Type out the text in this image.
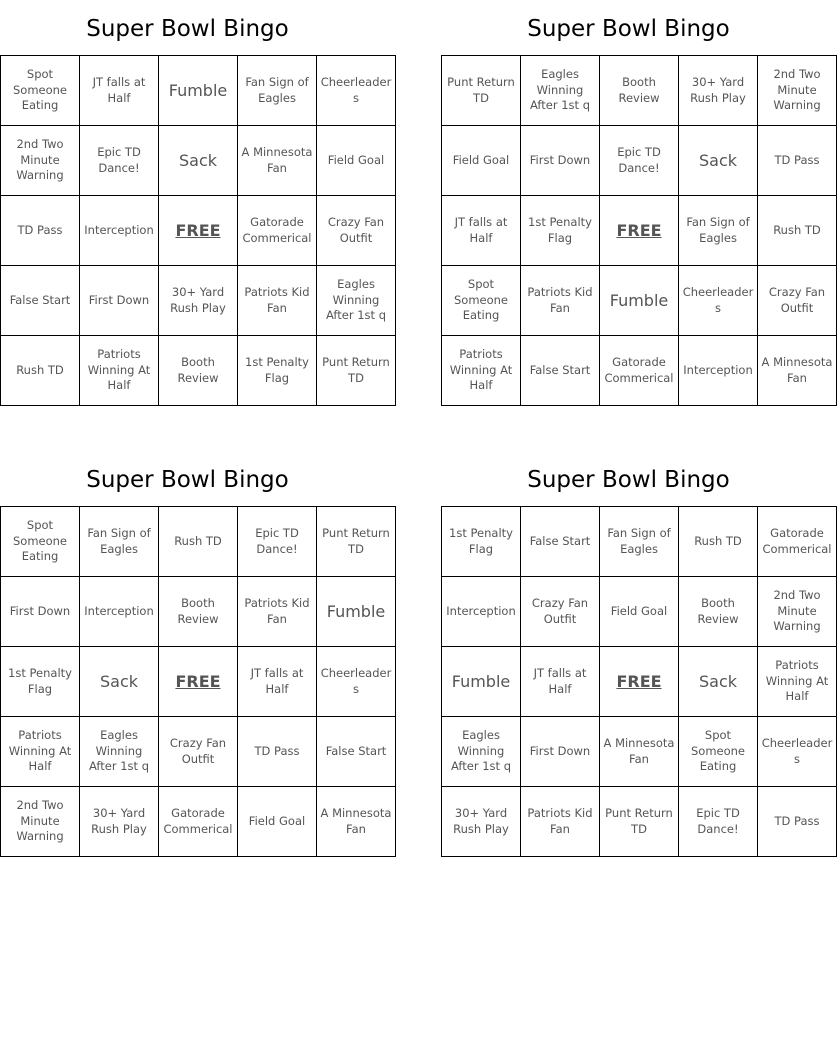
Super Bowl Bingo
Spot Someone Eating	JT falls at Half	Fumble	Fan Sign of Eagles	Cheerleaders
2nd Two Minute Warning	Epic TD Dance!	Sack	A Minnesota Fan	Field Goal
TD Pass	Interception	FREE	Gatorade Commerical	Crazy Fan Outfit
False Start	First Down	30+ Yard Rush Play	Patriots Kid Fan	Eagles Winning After 1st q
Rush TD	Patriots Winning At Half	Booth Review	1st Penalty Flag	Punt Return TD
Super Bowl Bingo
Punt Return TD	Eagles Winning After 1st q	Booth Review	30+ Yard Rush Play	2nd Two Minute Warning
Field Goal	First Down	Epic TD Dance!	Sack	TD Pass
JT falls at Half	1st Penalty Flag	FREE	Fan Sign of Eagles	Rush TD
Spot Someone Eating	Patriots Kid Fan	Fumble	Cheerleaders	Crazy Fan Outfit
Patriots Winning At Half	False Start	Gatorade Commerical	Interception	A Minnesota Fan
Super Bowl Bingo
Spot Someone Eating	Fan Sign of Eagles	Rush TD	Epic TD Dance!	Punt Return TD
First Down	Interception	Booth Review	Patriots Kid Fan	Fumble
1st Penalty Flag	Sack	FREE	JT falls at Half	Cheerleaders
Patriots Winning At Half	Eagles Winning After 1st q	Crazy Fan Outfit	TD Pass	False Start
2nd Two Minute Warning	30+ Yard Rush Play	Gatorade Commerical	Field Goal	A Minnesota Fan
Super Bowl Bingo
1st Penalty Flag	False Start	Fan Sign of Eagles	Rush TD	Gatorade Commerical
Interception	Crazy Fan Outfit	Field Goal	Booth Review	2nd Two Minute Warning
Fumble	JT falls at Half	FREE	Sack	Patriots Winning At Half
Eagles Winning After 1st q	First Down	A Minnesota Fan	Spot Someone Eating	Cheerleaders
30+ Yard Rush Play	Patriots Kid Fan	Punt Return TD	Epic TD Dance!	TD Pass
